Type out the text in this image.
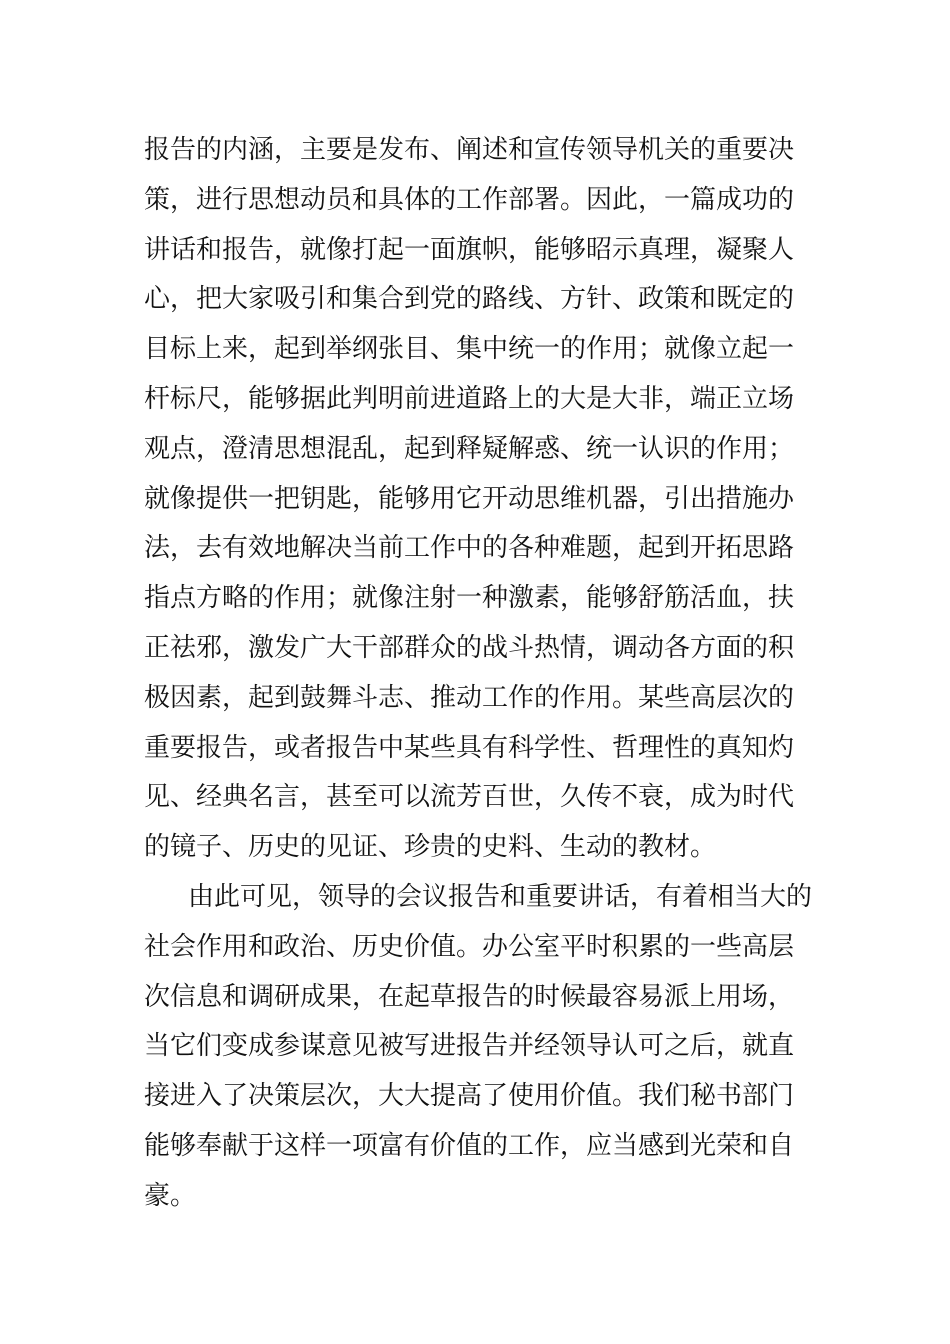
报告的内涵，主要是发布、阐述和宣传领导机关的重要决
策，进行思想动员和具体的工作部署。因此，一篇成功的
讲话和报告，就像打起一面旗帜，能够昭示真理，凝聚人
心，把大家吸引和集合到党的路线、方针、政策和既定的
目标上来，起到举纲张目、集中统一的作用；就像立起一
杆标尺，能够据此判明前进道路上的大是大非，端正立场
观点，澄清思想混乱，起到释疑解惑、统一认识的作用；
就像提供一把钥匙，能够用它开动思维机器，引出措施办
法，去有效地解决当前工作中的各种难题，起到开拓思路
指点方略的作用；就像注射一种激素，能够舒筋活血，扶
正祛邪，激发广大干部群众的战斗热情，调动各方面的积
极因素，起到鼓舞斗志、推动工作的作用。某些高层次的
重要报告，或者报告中某些具有科学性、哲理性的真知灼
见、经典名言，甚至可以流芳百世，久传不衰，成为时代
的镜子、历史的见证、珍贵的史料、生动的教材。
由此可见，领导的会议报告和重要讲话，有着相当大的
社会作用和政治、历史价值。办公室平时积累的一些高层
次信息和调研成果，在起草报告的时候最容易派上用场，
当它们变成参谋意见被写进报告并经领导认可之后，就直
接进入了决策层次，大大提高了使用价值。我们秘书部门
能够奉献于这样一项富有价值的工作，应当感到光荣和自
豪。
